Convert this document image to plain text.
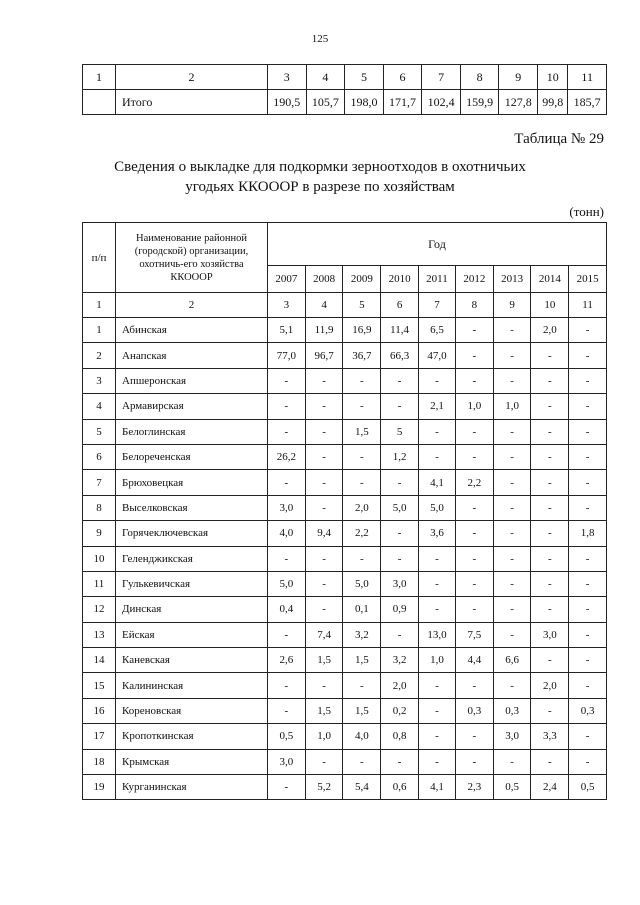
125
1	2	3	4	5	6	7	8	9	10	11
	Итого	190,5	105,7	198,0	171,7	102,4	159,9	127,8	99,8	185,7
Таблица № 29
Сведения о выкладке для подкормки зерноотходов в охотничьих
угодьях ККОООР в разрезе по хозяйствам
(тонн)
п/п	Наименование районной (городской) организации, охотничь-его хозяйства ККОООР	Год								
		2007	2008	2009	2010	2011	2012	2013	2014	2015
1	2	3	4	5	6	7	8	9	10	11
1	Абинская	5,1	11,9	16,9	11,4	6,5	-	-	2,0	-
2	Анапская	77,0	96,7	36,7	66,3	47,0	-	-	-	-
3	Апшеронская	-	-	-	-	-	-	-	-	-
4	Армавирская	-	-	-	-	2,1	1,0	1,0	-	-
5	Белоглинская	-	-	1,5	5	-	-	-	-	-
6	Белореченская	26,2	-	-	1,2	-	-	-	-	-
7	Брюховецкая	-	-	-	-	4,1	2,2	-	-	-
8	Выселковская	3,0	-	2,0	5,0	5,0	-	-	-	-
9	Горячеключевская	4,0	9,4	2,2	-	3,6	-	-	-	1,8
10	Геленджикская	-	-	-	-	-	-	-	-	-
11	Гулькевичская	5,0	-	5,0	3,0	-	-	-	-	-
12	Динская	0,4	-	0,1	0,9	-	-	-	-	-
13	Ейская	-	7,4	3,2	-	13,0	7,5	-	3,0	-
14	Каневская	2,6	1,5	1,5	3,2	1,0	4,4	6,6	-	-
15	Калининская	-	-	-	2,0	-	-	-	2,0	-
16	Кореновская	-	1,5	1,5	0,2	-	0,3	0,3	-	0,3
17	Кропоткинская	0,5	1,0	4,0	0,8	-	-	3,0	3,3	-
18	Крымская	3,0	-	-	-	-	-	-	-	-
19	Курганинская	-	5,2	5,4	0,6	4,1	2,3	0,5	2,4	0,5
